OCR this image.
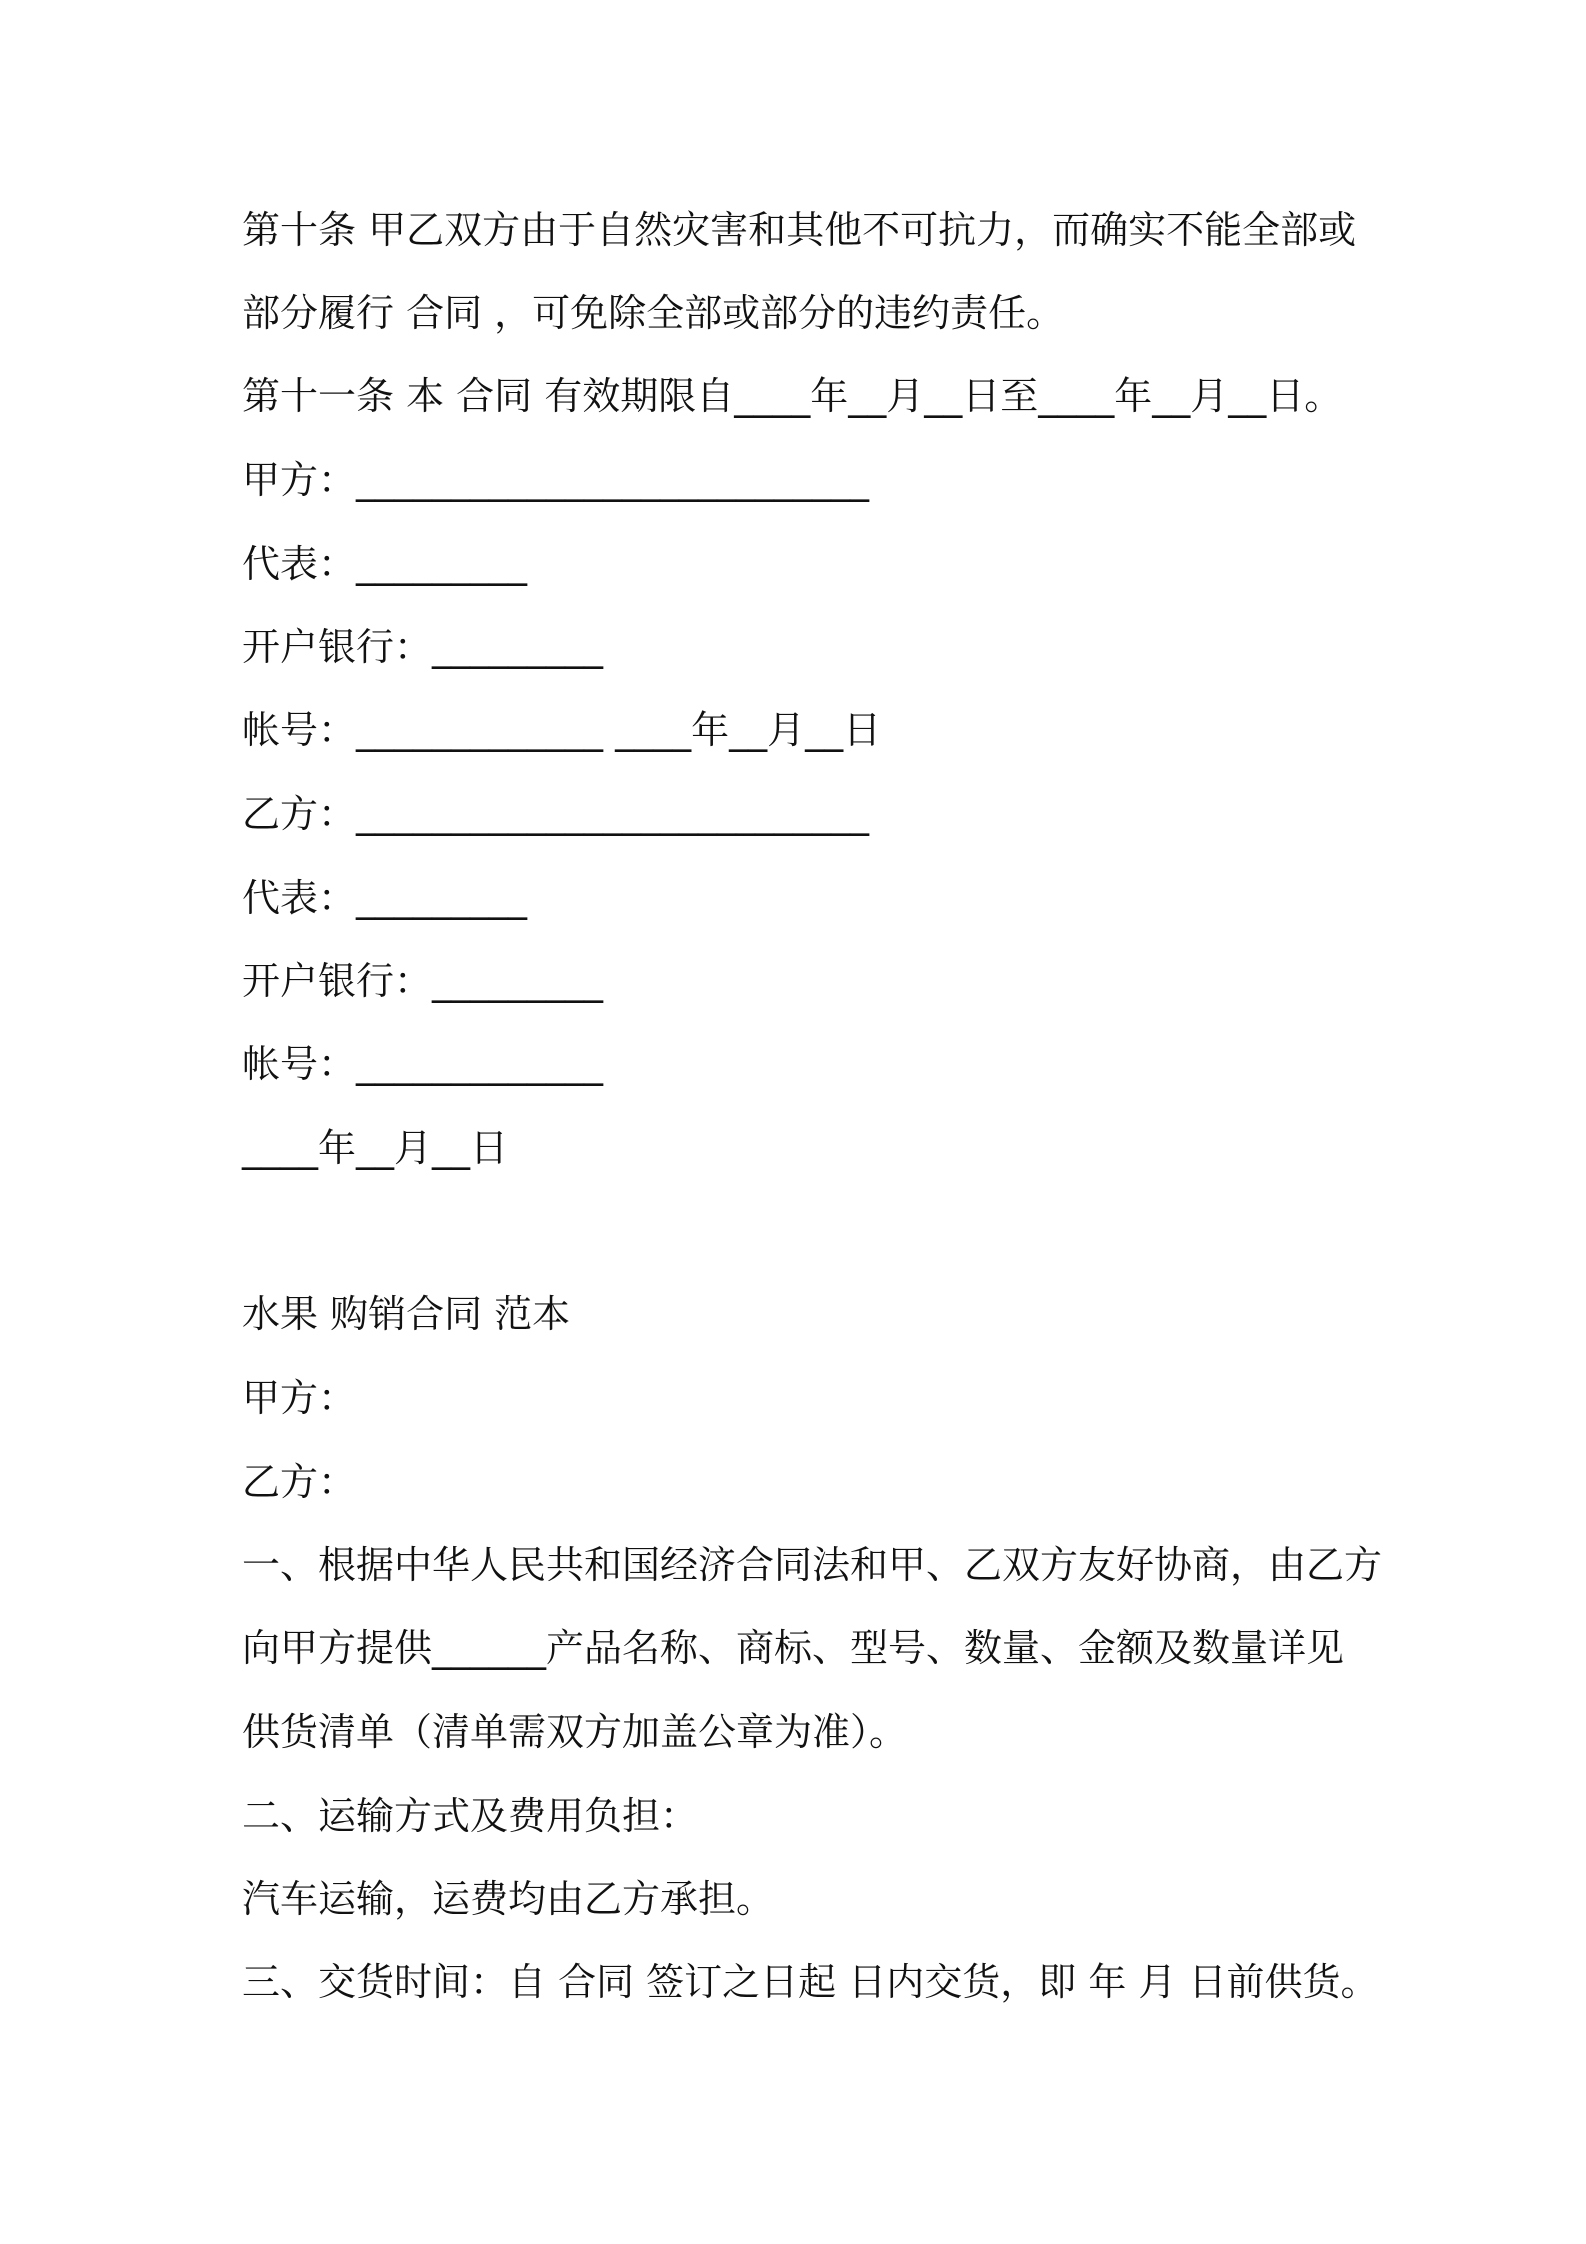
第十条 甲乙双方由于自然灾害和其他不可抗力，而确实不能全部或

部分履行 合同 ，可免除全部或部分的违约责任。

第十一条 本 合同 有效期限自____年__月__日至____年__月__日。

甲方：___________________________

代表：_________

开户银行：_________

帐号：_____________ ____年__月__日

乙方：___________________________

代表：_________

开户银行：_________

帐号：_____________

____年__月__日

水果 购销合同 范本

甲方：

乙方：

一、根据中华人民共和国经济合同法和甲、乙双方友好协商，由乙方

向甲方提供______产品名称、商标、型号、数量、金额及数量详见

供货清单（清单需双方加盖公章为准）。

二、运输方式及费用负担：

汽车运输，运费均由乙方承担。

三、交货时间：自 合同 签订之日起 日内交货，即 年 月 日前供货。
